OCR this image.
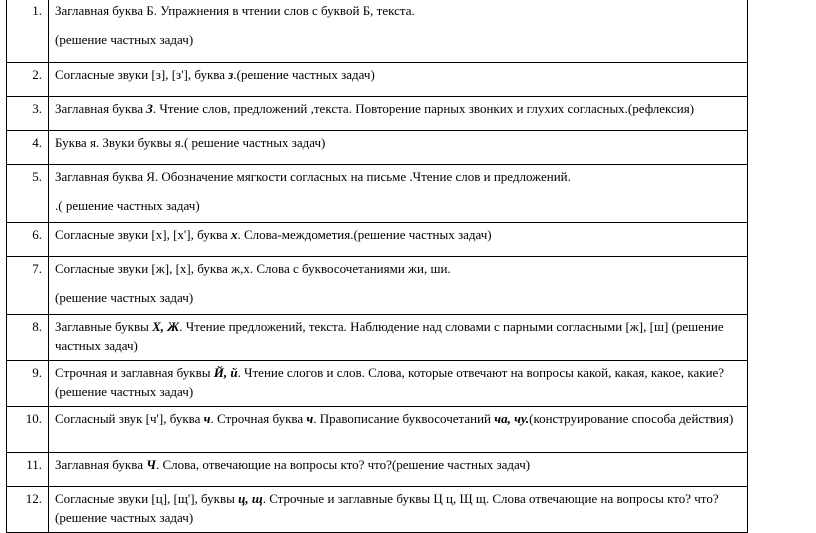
1.	Заглавная буква Б. Упражнения в чтении слов с буквой Б, текста.
(решение частных задач)

2.	Согласные звуки [з], [з'], буква з.(решение частных задач)

3.	Заглавная буква З. Чтение слов, предложений ,текста. Повторение парных звонких и глухих согласных.(рефлексия)

4.	Буква я. Звуки буквы я.( решение частных задач)

5.	Заглавная буква Я. Обозначение мягкости согласных на письме .Чтение слов и предложений.
.( решение частных задач)

6.	Согласные звуки [х], [х'], буква х. Слова-междометия.(решение частных задач)

7.	Согласные звуки [ж], [х], буква ж,х. Слова с буквосочетаниями жи, ши.
(решение частных задач)

8.	Заглавные буквы Х, Ж. Чтение предложений, текста. Наблюдение над словами с парными согласными [ж], [ш] (решение частных задач)

9.	Строчная и заглавная буквы Й, й. Чтение слогов и слов. Слова, которые отвечают на вопросы какой, какая, какое, какие?(решение частных задач)

10.	Согласный звук [ч'], буква ч. Строчная буква ч. Правописание буквосочетаний ча, чу.(конструирование способа действия)

11.	Заглавная буква Ч. Слова, отвечающие на вопросы кто? что?(решение частных задач)

12.	Согласные звуки [ц], [щ'], буквы ц, щ. Строчные и заглавные буквы Ц ц, Щ щ. Слова отвечающие на вопросы кто? что? (решение частных задач)
